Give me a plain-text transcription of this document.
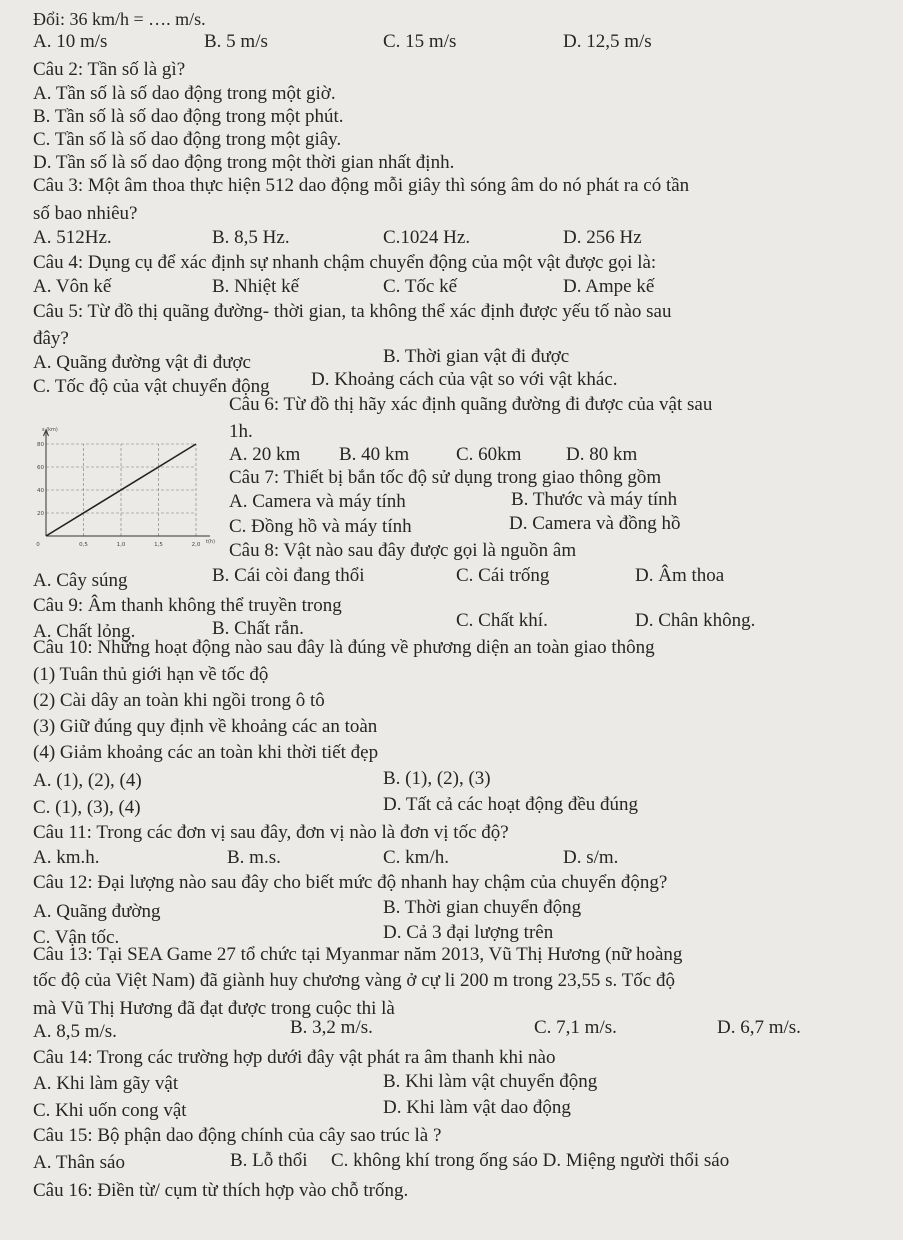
Đổi: 36 km/h = …. m/s.
A. 10 m/s	B. 5 m/s	C. 15 m/s	D. 12,5 m/s
Câu 2: Tần số là gì?
A. Tần số là số dao động trong một giờ.
B. Tần số là số dao động trong một phút.
C. Tần số là số dao động trong một giây.
D. Tần số là số dao động trong một thời gian nhất định.
Câu 3: Một âm thoa thực hiện 512 dao động mỗi giây thì sóng âm do nó phát ra có tần
số bao nhiêu?
A. 512Hz.	B. 8,5 Hz.	C.1024 Hz.	D. 256 Hz
Câu 4: Dụng cụ để xác định sự nhanh chậm chuyển động của một vật được gọi là:
A. Vôn kế	B. Nhiệt kế	C. Tốc kế	D. Ampe kế
Câu 5: Từ đồ thị quãng đường- thời gian, ta không thể xác định được yếu tố nào sau
đây?
A. Quãng đường vật đi được	B. Thời gian vật đi được
C. Tốc độ của vật chuyển động D. Khoảng cách của vật so với vật khác.
Câu 6: Từ đồ thị hãy xác định quãng đường đi được của vật sau
1h.
A. 20 km B. 40 km C. 60km D. 80 km
s (km)
t(h)
20
40
60
80
0	0,5	1,0	1,5	2,0
Câu 7: Thiết bị bắn tốc độ sử dụng trong giao thông gồm
A. Camera và máy tính	B. Thước và máy tính
C. Đồng hồ và máy tính	D. Camera và đồng hồ
Câu 8: Vật nào sau đây được gọi là nguồn âm
A. Cây súng	B. Cái còi đang thổi	C. Cái trống	D. Âm thoa
Câu 9: Âm thanh không thể truyền trong
A. Chất lỏng.	B. Chất rắn.	C. Chất khí.	D. Chân không.
Câu 10: Những hoạt động nào sau đây là đúng về phương diện an toàn giao thông
(1) Tuân thủ giới hạn về tốc độ
(2) Cài dây an toàn khi ngồi trong ô tô
(3) Giữ đúng quy định về khoảng các an toàn
(4) Giảm khoảng các an toàn khi thời tiết đẹp
A. (1), (2), (4)	B. (1), (2), (3)
C. (1), (3), (4)	D. Tất cả các hoạt động đều đúng
Câu 11: Trong các đơn vị sau đây, đơn vị nào là đơn vị tốc độ?
A. km.h.	B. m.s.	C. km/h.	D. s/m.
Câu 12: Đại lượng nào sau đây cho biết mức độ nhanh hay chậm của chuyển động?
A. Quãng đường	B. Thời gian chuyển động
C. Vận tốc.	D. Cả 3 đại lượng trên
Câu 13: Tại SEA Game 27 tổ chức tại Myanmar năm 2013, Vũ Thị Hương (nữ hoàng
tốc độ của Việt Nam) đã giành huy chương vàng ở cự li 200 m trong 23,55 s. Tốc độ
mà Vũ Thị Hương đã đạt được trong cuộc thi là
A. 8,5 m/s.	B. 3,2 m/s.	C. 7,1 m/s.	D. 6,7 m/s.
Câu 14: Trong các trường hợp dưới đây vật phát ra âm thanh khi nào
A. Khi làm gãy vật	B. Khi làm vật chuyển động
C. Khi uốn cong vật	D. Khi làm vật dao động
Câu 15: Bộ phận dao động chính của cây sao trúc là ?
A. Thân sáo	B. Lỗ thổi C. không khí trong ống sáo D. Miệng người thổi sáo
Câu 16: Điền từ/ cụm từ thích hợp vào chỗ trống.
